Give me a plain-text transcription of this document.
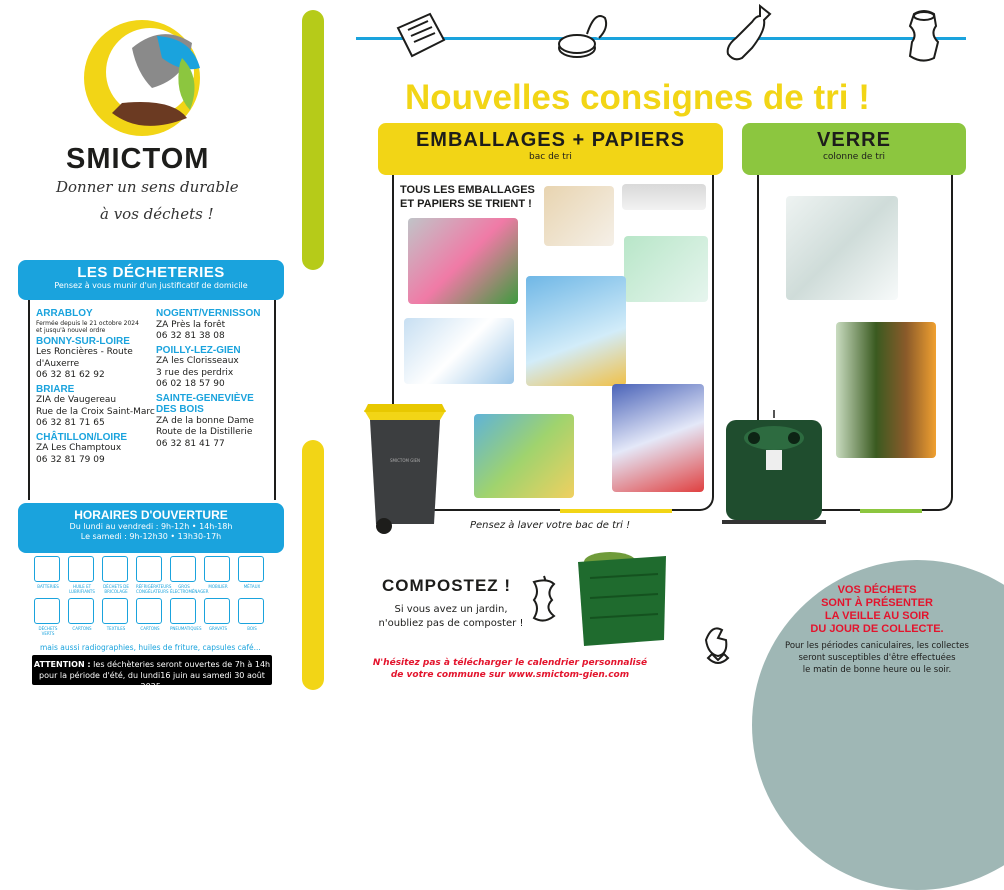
SMICTOM
Donner un sens durable
à vos déchets !
LES DÉCHETERIES
Pensez à vous munir d'un justificatif de domicile
ARRABLOY
Fermée depuis le 21 octobre 2024
et jusqu'à nouvel ordre
BONNY-SUR-LOIRE
Les Roncières - Route
d'Auxerre
06 32 81 62 92
BRIARE
ZIA de Vaugereau
Rue de la Croix Saint-Marc
06 32 81 71 65
CHÂTILLON/LOIRE
ZA Les Champtoux
06 32 81 79 09
NOGENT/VERNISSON
ZA Près la forêt
06 32 81 38 08
POILLY-LEZ-GIEN
ZA les Clorisseaux
3 rue des perdrix
06 02 18 57 90
SAINTE-GENEVIÈVE DES BOIS
ZA de la bonne Dame
Route de la Distillerie
06 32 81 41 77
HORAIRES D'OUVERTURE
Du lundi au vendredi : 9h-12h • 14h-18h
Le samedi : 9h-12h30 • 13h30-17h
BATTERIES	HUILE ET LUBRIFIANTS
DÉCHETS DE BRICOLAGE
RÉFRIGÉRATEURS CONGÉLATEURS
GROS ÉLECTROMÉNAGER
MOBILIER	MÉTAUX
DÉCHETS VERTS
CARTONS	TEXTILES	CARTONS	PNEUMATIQUES	GRAVATS	BOIS
mais aussi radiographies, huiles de friture, capsules café...
ATTENTION : les déchèteries seront ouvertes de 7h à 14h
pour la période d'été, du lundi16 juin au samedi 30 août 2025.
Nouvelles consignes de tri !
EMBALLAGES + PAPIERS
bac de tri
VERRE
colonne de tri
TOUS LES EMBALLAGES
ET PAPIERS SE TRIENT !
SMICTOM GIEN
Pensez à laver votre bac de tri !
COMPOSTEZ !
Si vous avez un jardin,
n'oubliez pas de composter !
N'hésitez pas à télécharger le calendrier personnalisé
de votre commune sur www.smictom-gien.com
VOS DÉCHETS
SONT À PRÉSENTER
LA VEILLE AU SOIR
DU JOUR DE COLLECTE.
Pour les périodes caniculaires, les collectes
seront susceptibles d'être effectuées
le matin de bonne heure ou le soir.
